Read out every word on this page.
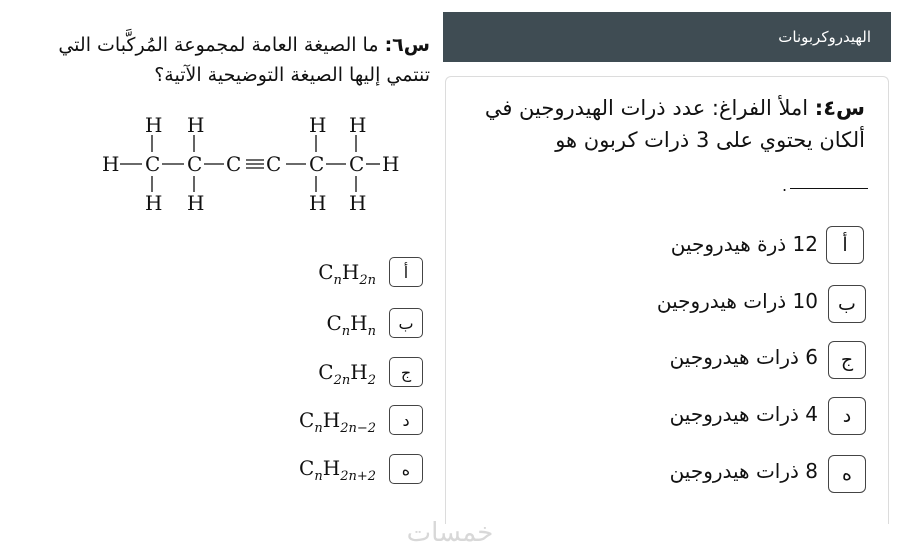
الهيدروكربونات
س٤: املأ الفراغ: عدد ذرات الهيدروجين في ألكان يحتوي على 3 ذرات كربون هو
.
أ
12 ذرة هيدروجين
ب
10 ذرات هيدروجين
ج
6 ذرات هيدروجين
د
4 ذرات هيدروجين
ه
8 ذرات هيدروجين
س٦: ما الصيغة العامة لمجموعة المُركَّبات التي تنتمي إليها الصيغة التوضيحية الآتية؟
H C C C C C C H
H H	H H
H H	H H
$C_nH_{2n}$	أ
$C_nH_n$	ب
$C_{2n}H_2$	ج
$C_nH_{2n-2}$	د
$C_nH_{2n+2}$	ه
خمسات
